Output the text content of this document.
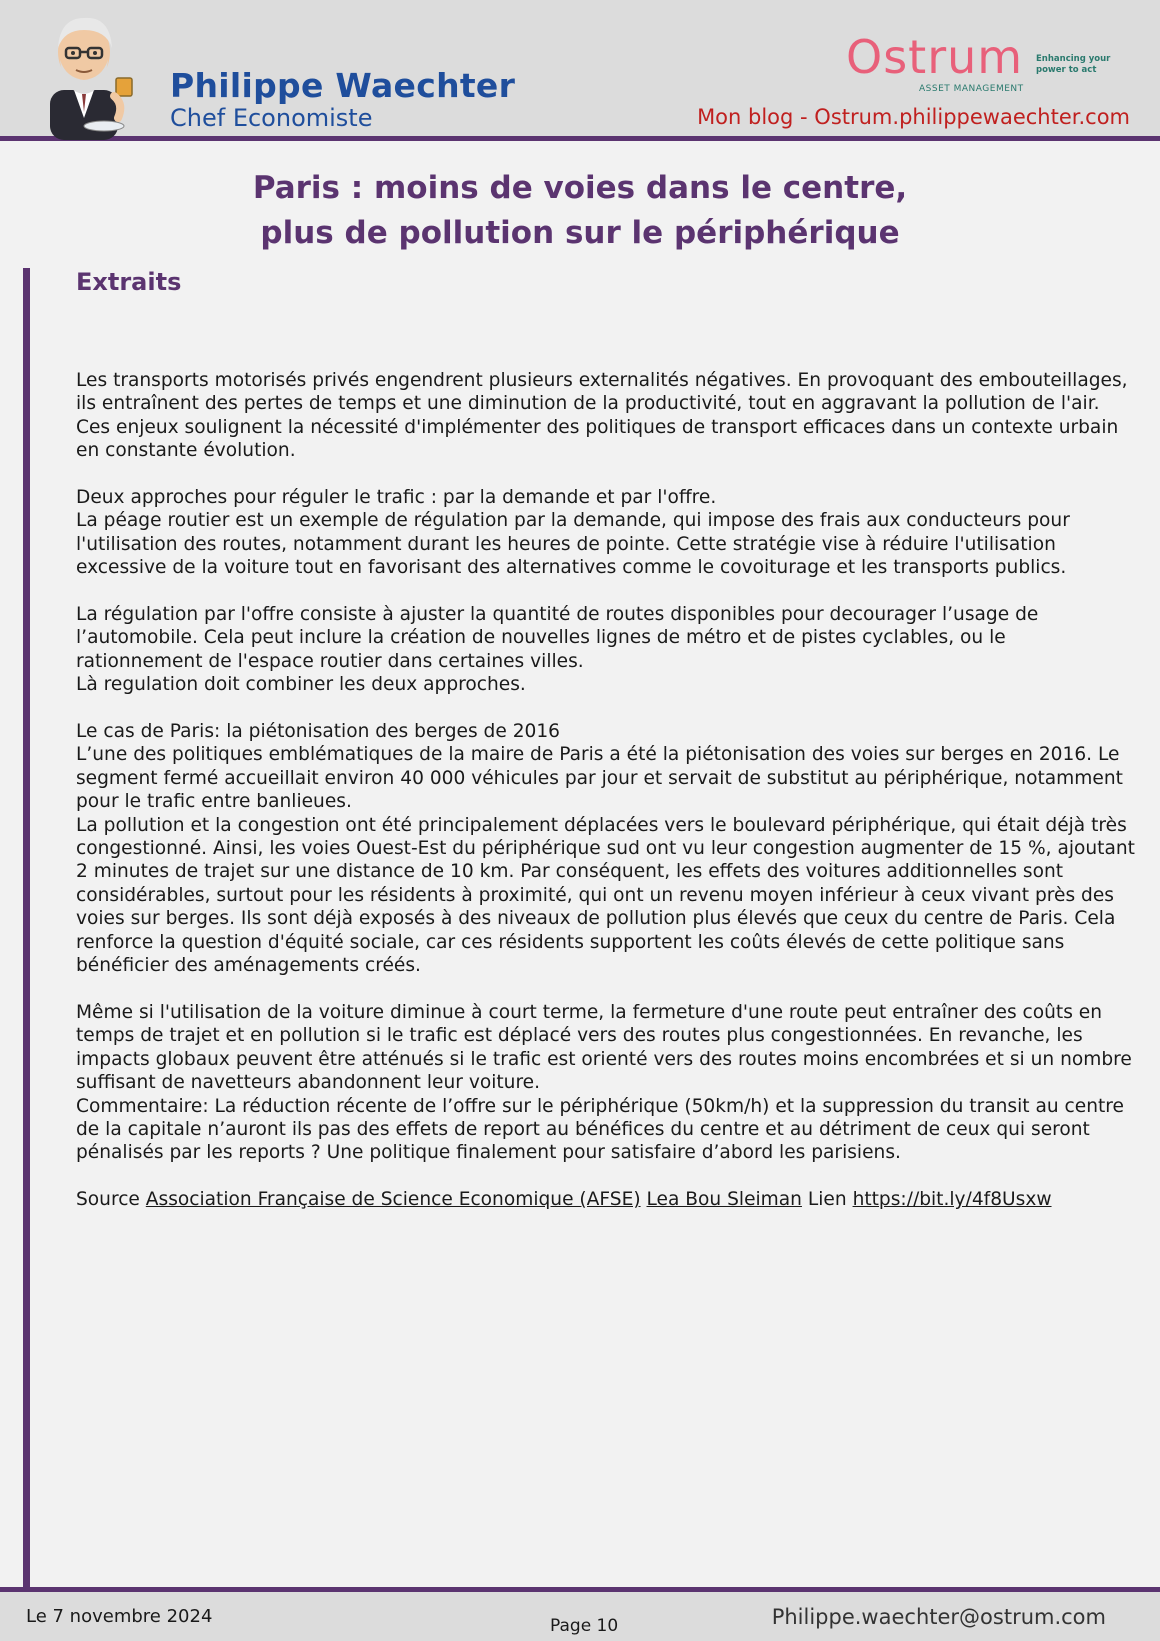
Philippe Waechter
Chef Economiste
Ostrum
ASSET MANAGEMENT
Enhancing your power to act
Mon blog - Ostrum.philippewaechter.com
Paris : moins de voies dans le centre,
plus de pollution sur le périphérique
Extraits

Les transports motorisés privés engendrent plusieurs externalités négatives. En provoquant des embouteillages, ils entraînent des pertes de temps et une diminution de la productivité, tout en aggravant la pollution de l'air.

Ces enjeux soulignent la nécessité d'implémenter des politiques de transport efficaces dans un contexte urbain en constante évolution.

Deux approches pour réguler le trafic : par la demande et par l'offre.

La péage routier est un exemple de régulation par la demande, qui impose des frais aux conducteurs pour l'utilisation des routes, notamment durant les heures de pointe. Cette stratégie vise à réduire l'utilisation excessive de la voiture tout en favorisant des alternatives comme le covoiturage et les transports publics.

La régulation par l'offre consiste à ajuster la quantité de routes disponibles pour decourager l’usage de l’automobile. Cela peut inclure la création de nouvelles lignes de métro et de pistes cyclables, ou le rationnement de l'espace routier dans certaines villes.

Là regulation doit combiner les deux approches.

Le cas de Paris: la piétonisation des berges de 2016

L’une des politiques emblématiques de la maire de Paris a été la piétonisation des voies sur berges en 2016. Le segment fermé accueillait environ 40 000 véhicules par jour et servait de substitut au périphérique, notamment pour le trafic entre banlieues.

La pollution et la congestion ont été principalement déplacées vers le boulevard périphérique, qui était déjà très congestionné. Ainsi, les voies Ouest-Est du périphérique sud ont vu leur congestion augmenter de 15 %, ajoutant 2 minutes de trajet sur une distance de 10 km. Par conséquent, les effets des voitures additionnelles sont considérables, surtout pour les résidents à proximité, qui ont un revenu moyen inférieur à ceux vivant près des voies sur berges. Ils sont déjà exposés à des niveaux de pollution plus élevés que ceux du centre de Paris. Cela renforce la question d'équité sociale, car ces résidents supportent les coûts élevés de cette politique sans bénéficier des aménagements créés.

Même si l'utilisation de la voiture diminue à court terme, la fermeture d'une route peut entraîner des coûts en temps de trajet et en pollution si le trafic est déplacé vers des routes plus congestionnées. En revanche, les impacts globaux peuvent être atténués si le trafic est orienté vers des routes moins encombrées et si un nombre suffisant de navetteurs abandonnent leur voiture.

Commentaire: La réduction récente de l’offre sur le périphérique (50km/h) et la suppression du transit au centre de la capitale n’auront ils pas des effets de report au bénéfices du centre et au détriment de ceux qui seront pénalisés par les reports ? Une politique finalement pour satisfaire d’abord les parisiens.

Source Association Française de Science Economique (AFSE) Lea Bou Sleiman Lien https://bit.ly/4f8Usxw

Le 7 novembre 2024	Page 10	Philippe.waechter@ostrum.com
